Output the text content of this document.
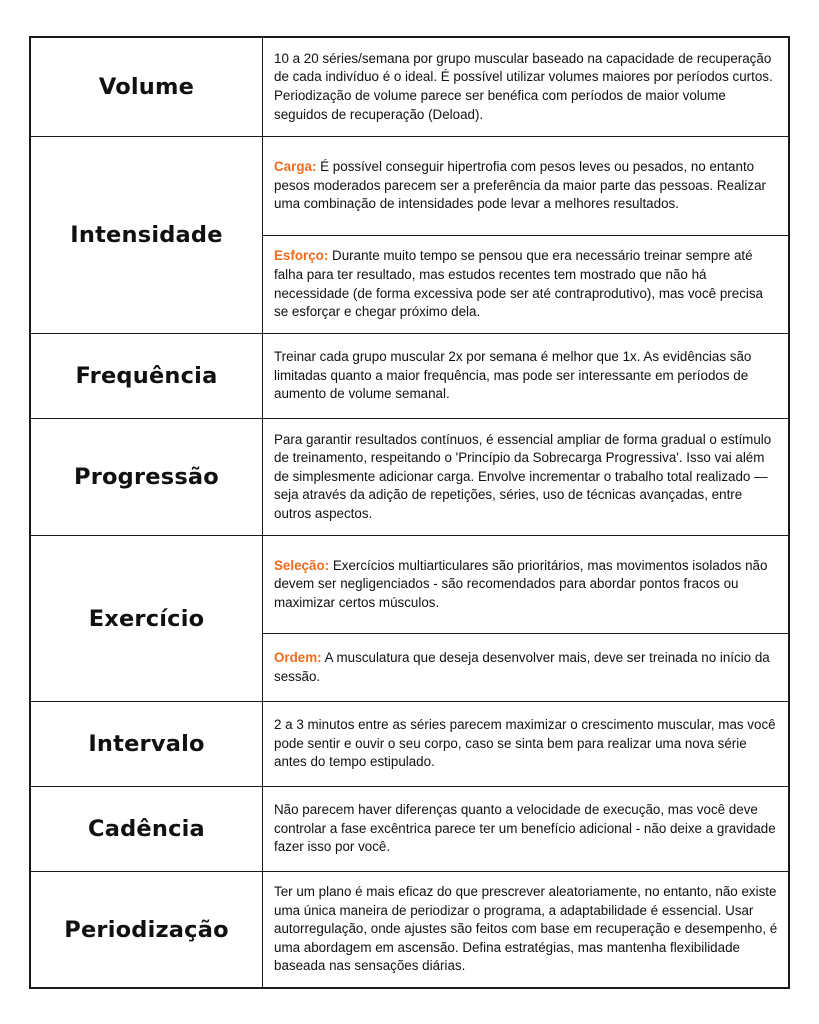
Volume

10 a 20 séries/semana por grupo muscular baseado na capacidade de recuperação de cada indivíduo é o ideal. É possível utilizar volumes maiores por períodos curtos. Periodização de volume parece ser benéfica com períodos de maior volume seguidos de recuperação (Deload).

Intensidade

Carga: É possível conseguir hipertrofia com pesos leves ou pesados, no entanto pesos moderados parecem ser a preferência da maior parte das pessoas. Realizar uma combinação de intensidades pode levar a melhores resultados.

Esforço: Durante muito tempo se pensou que era necessário treinar sempre até falha para ter resultado, mas estudos recentes tem mostrado que não há necessidade (de forma excessiva pode ser até contraprodutivo), mas você precisa se esforçar e chegar próximo dela.

Frequência

Treinar cada grupo muscular 2x por semana é melhor que 1x. As evidências são limitadas quanto a maior frequência, mas pode ser interessante em períodos de aumento de volume semanal.

Progressão

Para garantir resultados contínuos, é essencial ampliar de forma gradual o estímulo de treinamento, respeitando o 'Princípio da Sobrecarga Progressiva'. Isso vai além de simplesmente adicionar carga. Envolve incrementar o trabalho total realizado — seja através da adição de repetições, séries, uso de técnicas avançadas, entre outros aspectos.

Exercício

Seleção: Exercícios multiarticulares são prioritários, mas movimentos isolados não devem ser negligenciados - são recomendados para abordar pontos fracos ou maximizar certos músculos.

Ordem: A musculatura que deseja desenvolver mais, deve ser treinada no início da sessão.

Intervalo

2 a 3 minutos entre as séries parecem maximizar o crescimento muscular, mas você pode sentir e ouvir o seu corpo, caso se sinta bem para realizar uma nova série antes do tempo estipulado.

Cadência

Não parecem haver diferenças quanto a velocidade de execução, mas você deve controlar a fase excêntrica parece ter um benefício adicional - não deixe a gravidade fazer isso por você.

Periodização

Ter um plano é mais eficaz do que prescrever aleatoriamente, no entanto, não existe uma única maneira de periodizar o programa, a adaptabilidade é essencial. Usar autorregulação, onde ajustes são feitos com base em recuperação e desempenho, é uma abordagem em ascensão. Defina estratégias, mas mantenha flexibilidade baseada nas sensações diárias.
